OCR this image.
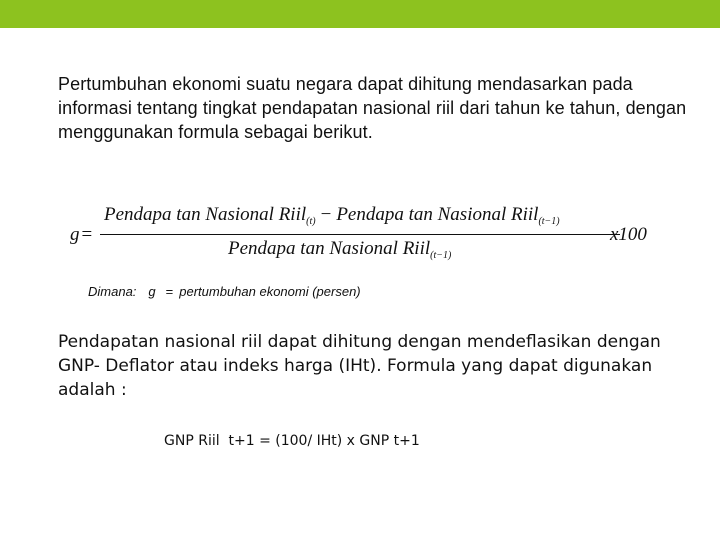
Pertumbuhan ekonomi suatu negara dapat dihitung mendasarkan pada informasi tentang tingkat pendapatan nasional riil dari tahun ke tahun, dengan menggunakan formula sebagai berikut.
g =
Pendapa tan Nasional Riil$_{(t)}$ − Pendapa tan Nasional Riil$_{(t-1)}$
Pendapa tan Nasional Riil$_{(t-1)}$
x100
Dimana: g = pertumbuhan ekonomi (persen)
Pendapatan nasional riil dapat dihitung dengan mendeflasikan dengan GNP- Deflator atau indeks harga (IHt). Formula yang dapat digunakan adalah :
GNP Riil  t+1 = (100/ IHt) x GNP t+1
